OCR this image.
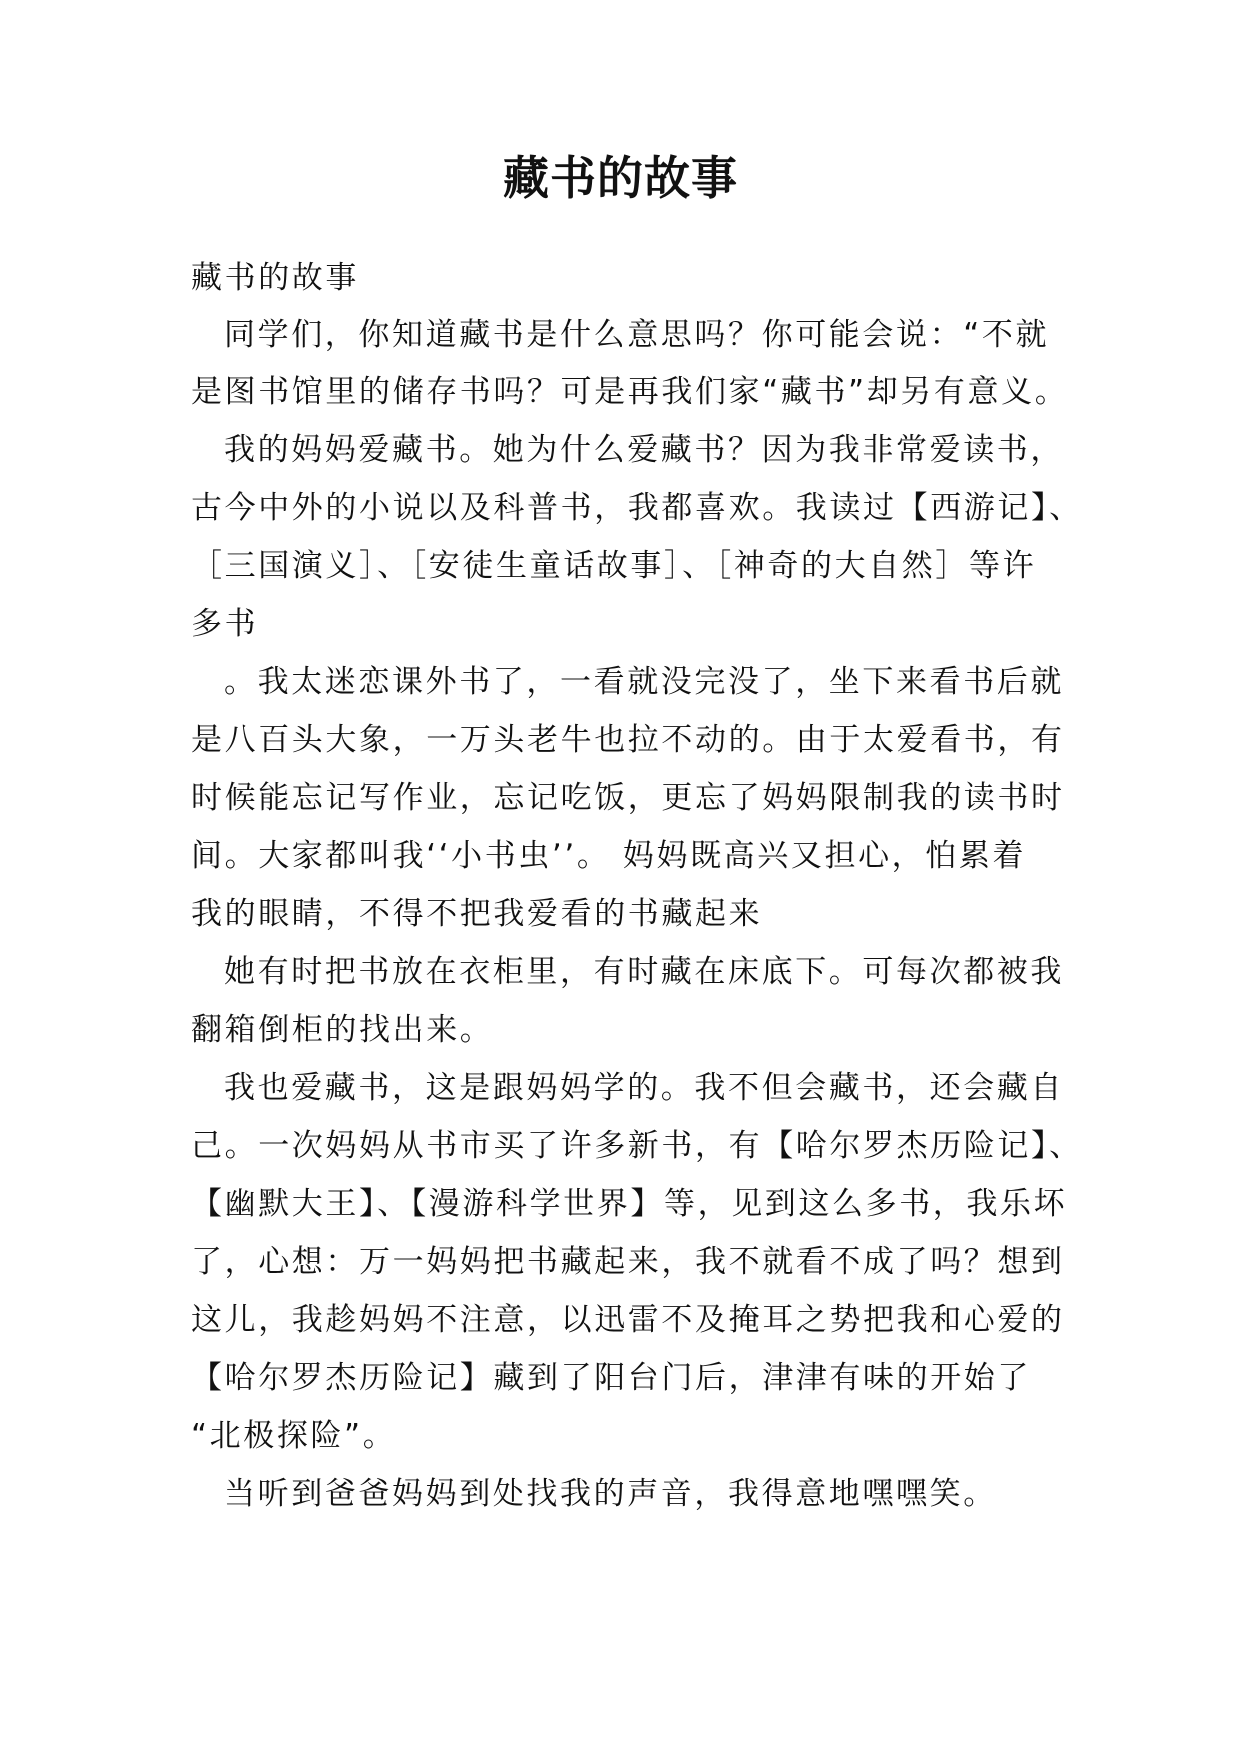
藏书的故事

藏书的故事

同学们，你知道藏书是什么意思吗？你可能会说：“不就

是图书馆里的储存书吗？可是再我们家“藏书”却另有意义。

我的妈妈爱藏书。她为什么爱藏书？因为我非常爱读书，

古今中外的小说以及科普书，我都喜欢。我读过【西游记】、

［三国演义］、［安徒生童话故事］、［神奇的大自然］等许

多书

。我太迷恋课外书了，一看就没完没了，坐下来看书后就

是八百头大象，一万头老牛也拉不动的。由于太爱看书，有

时候能忘记写作业，忘记吃饭，更忘了妈妈限制我的读书时

间。大家都叫我‘‘小书虫’’。 妈妈既高兴又担心，怕累着

我的眼睛，不得不把我爱看的书藏起来

她有时把书放在衣柜里，有时藏在床底下。可每次都被我

翻箱倒柜的找出来。

我也爱藏书，这是跟妈妈学的。我不但会藏书，还会藏自

己。一次妈妈从书市买了许多新书，有【哈尔罗杰历险记】、

【幽默大王】、【漫游科学世界】等，见到这么多书，我乐坏

了，心想：万一妈妈把书藏起来，我不就看不成了吗？想到

这儿，我趁妈妈不注意，以迅雷不及掩耳之势把我和心爱的

【哈尔罗杰历险记】藏到了阳台门后，津津有味的开始了

“北极探险”。

当听到爸爸妈妈到处找我的声音，我得意地嘿嘿笑。
